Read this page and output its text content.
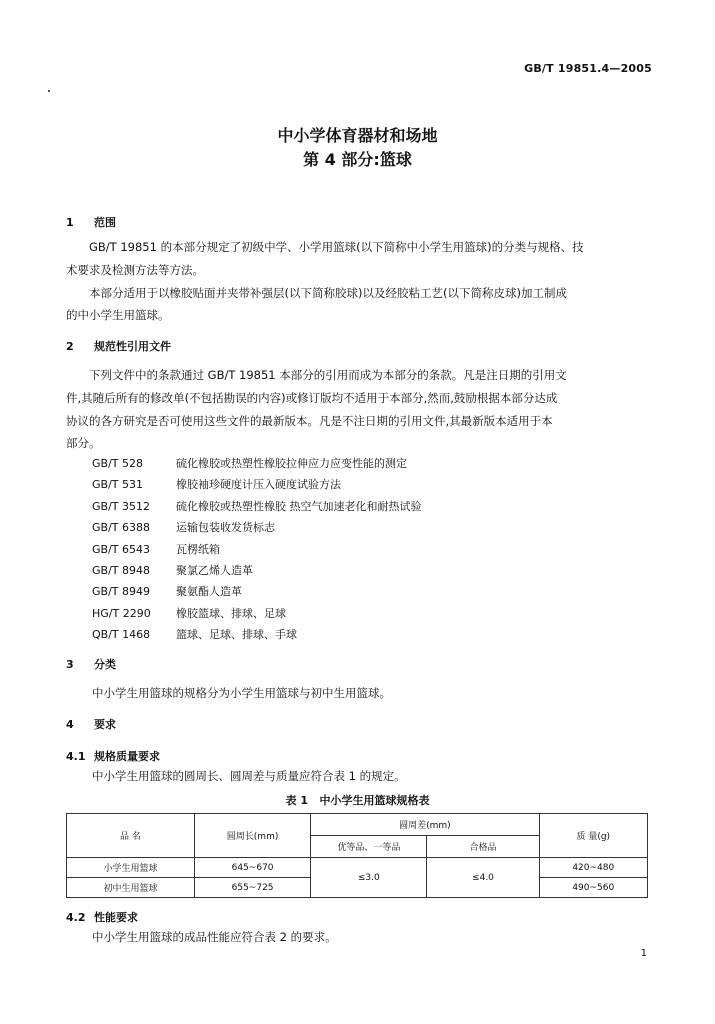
GB/T 19851.4—2005
中小学体育器材和场地
第 4 部分:篮球
1 范围
GB/T 19851 的本部分规定了初级中学、小学用篮球(以下简称中小学生用篮球)的分类与规格、技
术要求及检测方法等方法。
本部分适用于以橡胶贴面并夹带补强层(以下简称胶球)以及经胶粘工艺(以下简称皮球)加工制成
的中小学生用篮球。
2 规范性引用文件
下列文件中的条款通过 GB/T 19851 本部分的引用而成为本部分的条款。凡是注日期的引用文
件,其随后所有的修改单(不包括勘误的内容)或修订版均不适用于本部分,然而,鼓励根据本部分达成
协议的各方研究是否可使用这些文件的最新版本。凡是不注日期的引用文件,其最新版本适用于本
部分。
GB/T 528	硫化橡胶或热塑性橡胶拉伸应力应变性能的测定
GB/T 531	橡胶袖珍硬度计压入硬度试验方法
GB/T 3512 硫化橡胶或热塑性橡胶 热空气加速老化和耐热试验
GB/T 6388 运输包装收发货标志
GB/T 6543 瓦楞纸箱
GB/T 8948 聚氯乙烯人造革
GB/T 8949 聚氨酯人造革
HG/T 2290 橡胶篮球、排球、足球
QB/T 1468 篮球、足球、排球、手球
3 分类
中小学生用篮球的规格分为小学生用篮球与初中生用篮球。
4 要求
4.1 规格质量要求
中小学生用篮球的圆周长、圆周差与质量应符合表 1 的规定。
表 1 中小学生用篮球规格表
品 名	圆周长(mm)	圆周差(mm)		质 量(g)
		优等品、一等品	合格品	
小学生用篮球	645~670	≤3.0	≤4.0	420~480
初中生用篮球	655~725			490~560
4.2 性能要求
中小学生用篮球的成品性能应符合表 2 的要求。
1
